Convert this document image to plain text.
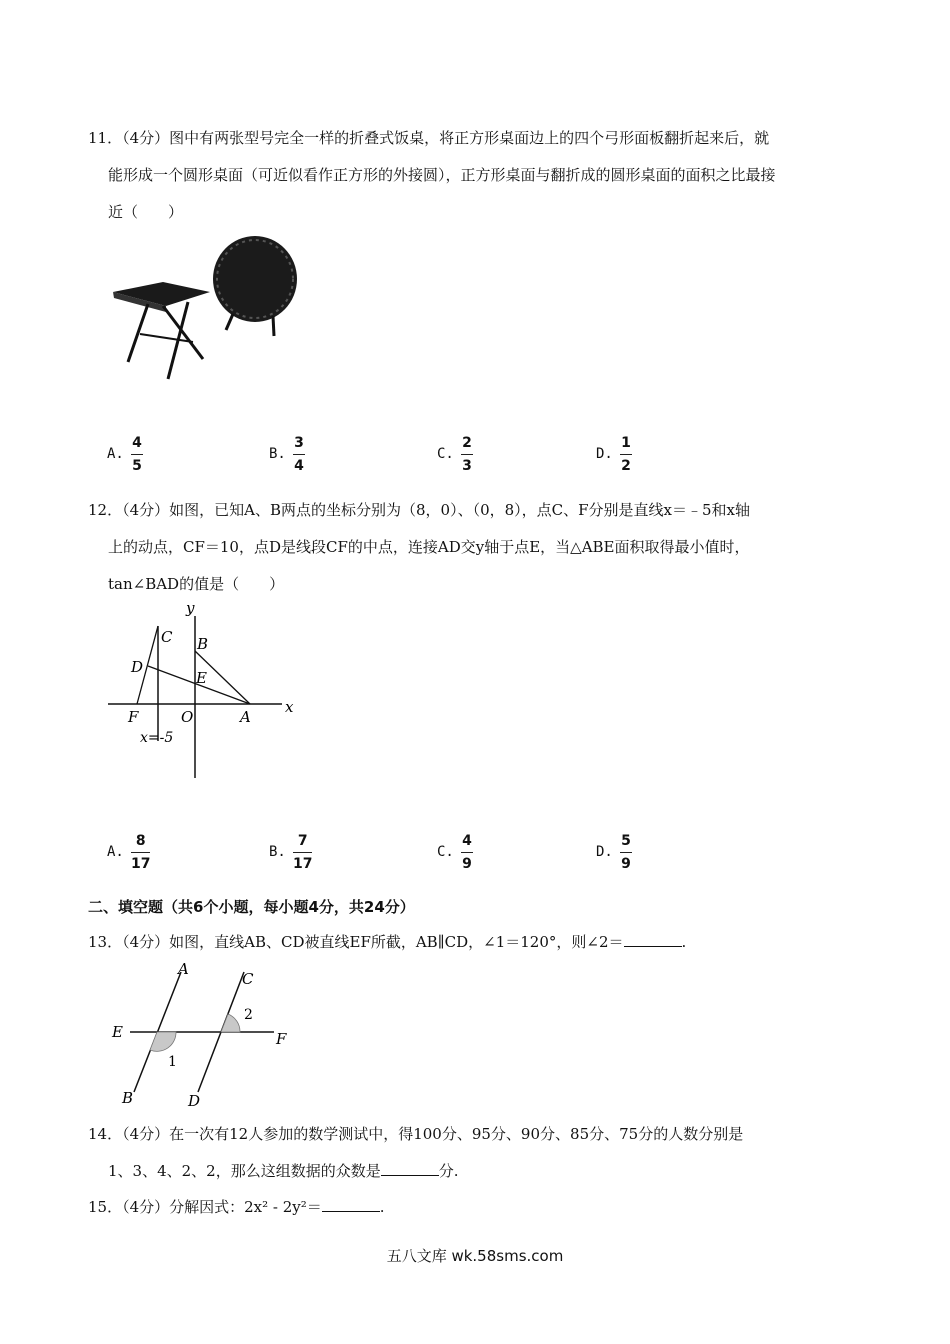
11．（4分）图中有两张型号完全一样的折叠式饭桌，将正方形桌面边上的四个弓形面板翻折起来后，就
能形成一个圆形桌面（可近似看作正方形的外接圆），正方形桌面与翻折成的圆形桌面的面积之比最接
近（　　）
A.
4
5
B.
3
4
C.
2
3
D.
1
2
12．（4分）如图，已知A、B两点的坐标分别为（8，0）、（0，8），点C、F分别是直线x＝﹣5和x轴
上的动点，CF＝10，点D是线段CF的中点，连接AD交y轴于点E，当△ABE面积取得最小值时，
tan∠BAD的值是（　　）
y
x
C B
D
E
F	O	A
x=-5
A.
8
17
B.
7
17
C.
4
9
D.
5
9
二、填空题（共6个小题，每小题4分，共24分）
13．（4分）如图，直线AB、CD被直线EF所截，AB∥CD，∠1＝120°，则∠2＝	.
A
C
E	F
B	D
1
2
14．（4分）在一次有12人参加的数学测试中，得100分、95分、90分、85分、75分的人数分别是
1、3、4、2、2，那么这组数据的众数是	分.
15．（4分）分解因式：2x² - 2y²＝	.
五八文库 wk.58sms.com
